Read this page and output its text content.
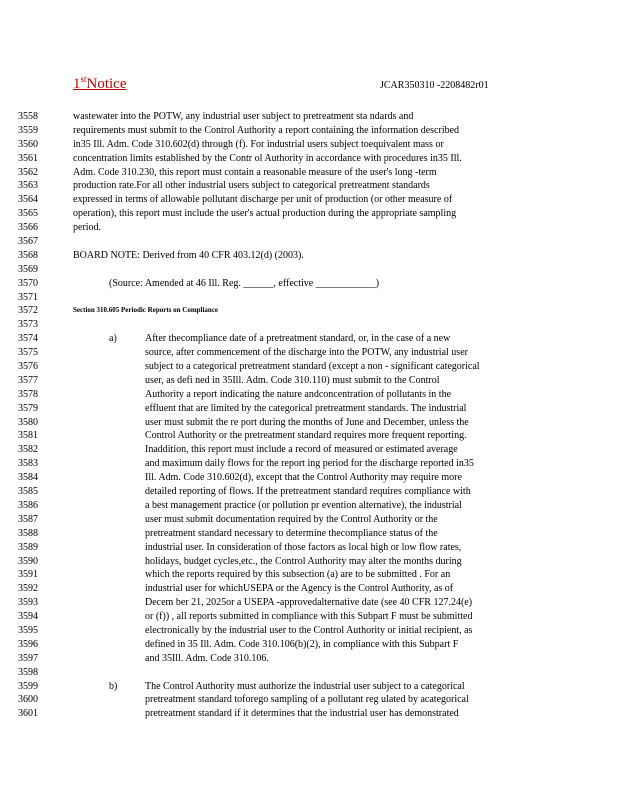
1stNotice	JCAR350310 -2208482r01
3558	wastewater into the POTW, any industrial user subject to pretreatment sta ndards and
3559	requirements must submit to the Control Authority a report containing the information described
3560	in35 Ill. Adm. Code 310.602(d) through (f). For industrial users subject toequivalent mass or
3561	concentration limits established by the Contr ol Authority in accordance with procedures in35 Ill.
3562	Adm. Code 310.230, this report must contain a reasonable measure of the user's long -term
3563	production rate.For all other industrial users subject to categorical pretreatment standards
3564	expressed in terms of allowable pollutant discharge per unit of production (or other measure of
3565	operation), this report must include the user's actual production during the appropriate sampling
3566	period.
3567
3568	BOARD NOTE: Derived from 40 CFR 403.12(d) (2003).
3569
3570	(Source: Amended at 46 Ill. Reg. ______, effective ____________)
3571
3572	Section 310.605 Periodic Reports on Compliance
3573
3574	a)	After thecompliance date of a pretreatment standard, or, in the case of a new
3575	source, after commencement of the discharge into the POTW, any industrial user
3576	subject to a categorical pretreatment standard (except a non - significant categorical
3577	user, as defi ned in 35Ill. Adm. Code 310.110) must submit to the Control
3578	Authority a report indicating the nature andconcentration of pollutants in the
3579	effluent that are limited by the categorical pretreatment standards. The industrial
3580	user must submit the re port during the months of June and December, unless the
3581	Control Authority or the pretreatment standard requires more frequent reporting.
3582	Inaddition, this report must include a record of measured or estimated average
3583	and maximum daily flows for the report ing period for the discharge reported in35
3584	Ill. Adm. Code 310.602(d), except that the Control Authority may require more
3585	detailed reporting of flows. If the pretreatment standard requires compliance with
3586	a best management practice (or pollution pr evention alternative), the industrial
3587	user must submit documentation required by the Control Authority or the
3588	pretreatment standard necessary to determine thecompliance status of the
3589	industrial user. In consideration of those factors as local high or low flow rates,
3590	holidays, budget cycles,etc., the Control Authority may alter the months during
3591	which the reports required by this subsection (a) are to be submitted . For an
3592	industrial user for whichUSEPA or the Agency is the Control Authority, as of
3593	Decem ber 21, 2025or a USEPA -approvedalternative date (see 40 CFR 127.24(e)
3594	or (f)) , all reports submitted in compliance with this Subpart F must be submitted
3595	electronically by the industrial user to the Control Authority or initial recipient, as
3596	defined in 35 Ill. Adm. Code 310.106(b)(2), in compliance with this Subpart F
3597	and 35Ill. Adm. Code 310.106.
3598
3599	b)	The Control Authority must authorize the industrial user subject to a categorical
3600	pretreatment standard toforego sampling of a pollutant reg ulated by acategorical
3601	pretreatment standard if it determines that the industrial user has demonstrated
